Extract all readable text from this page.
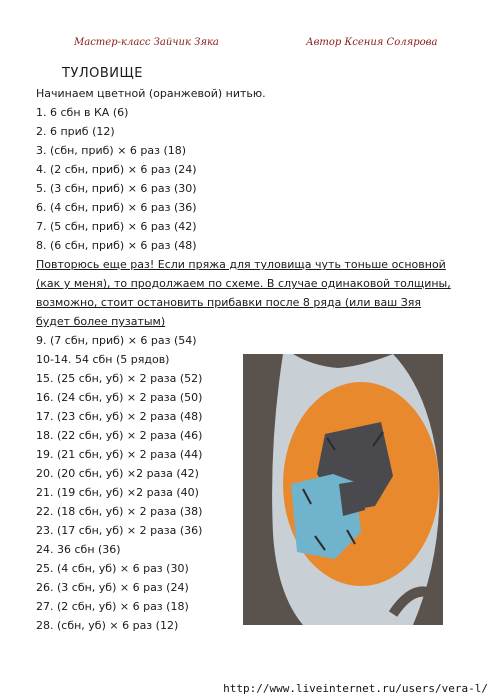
Мастер-класс Зайчик Зяка	Автор Ксения Солярова
ТУЛОВИЩЕ
Начинаем цветной (оранжевой) нитью.
1. 6 сбн в КА (6)
2. 6 приб (12)
3. (сбн, приб) × 6 раз (18)
4. (2 сбн, приб) × 6 раз (24)
5. (3 сбн, приб) × 6 раз (30)
6. (4 сбн, приб) × 6 раз (36)
7. (5 сбн, приб) × 6 раз (42)
8. (6 сбн, приб) × 6 раз (48)
Повторюсь еще раз! Если пряжа для туловища чуть тоньше основной
(как у меня), то продолжаем по схеме. В случае одинаковой толщины,
возможно, стоит остановить прибавки после 8 ряда (или ваш Зяя
будет более пузатым)
9. (7 сбн, приб) × 6 раз (54)
10-14. 54 сбн (5 рядов)
15. (25 сбн, уб) × 2 раза (52)
16. (24 сбн, уб) × 2 раза (50)
17. (23 сбн, уб) × 2 раза (48)
18. (22 сбн, уб) × 2 раза (46)
19. (21 сбн, уб) × 2 раза (44)
20. (20 сбн, уб) ×2 раза (42)
21. (19 сбн, уб) ×2 раза (40)
22. (18 сбн, уб) × 2 раза (38)
23. (17 сбн, уб) × 2 раза (36)
24. 36 сбн (36)
25. (4 сбн, уб) × 6 раз (30)
26. (3 сбн, уб) × 6 раз (24)
27. (2 сбн, уб) × 6 раз (18)
28. (сбн, уб) × 6 раз (12)
http://www.liveinternet.ru/users/vera-l/
